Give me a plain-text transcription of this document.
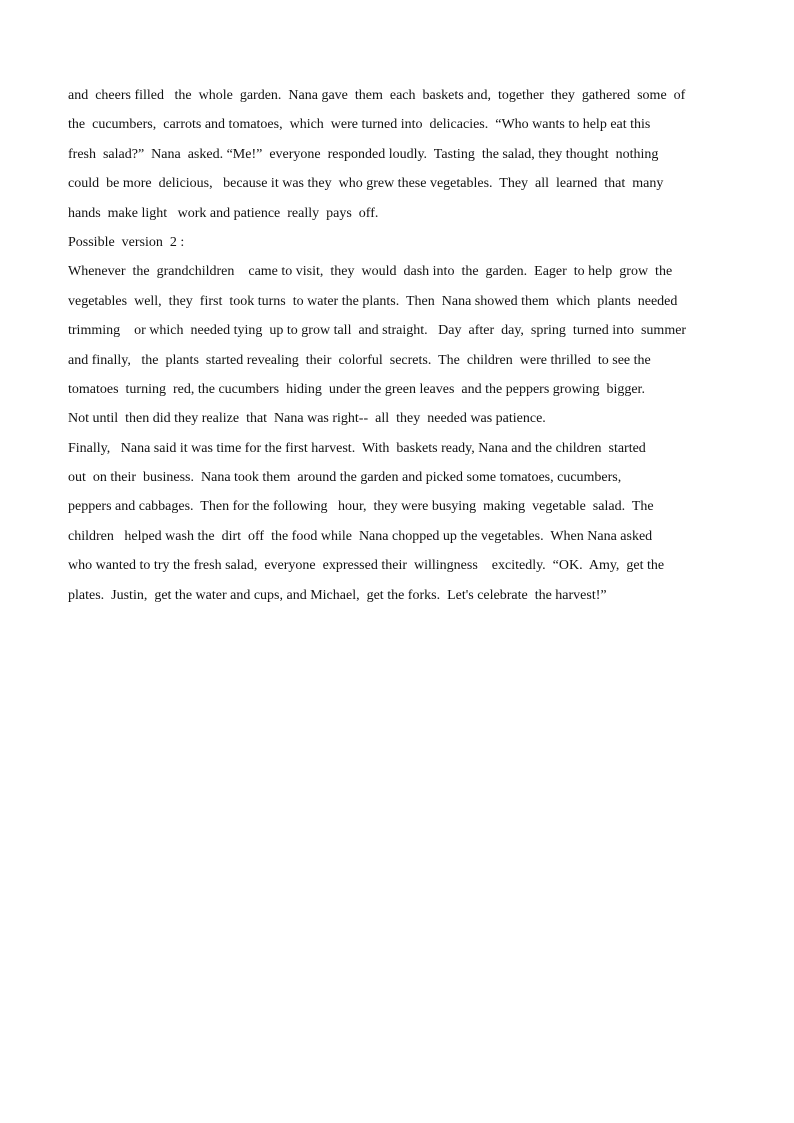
and  cheers filled   the  whole  garden.  Nana gave  them  each  baskets and,  together  they  gathered  some  of
the  cucumbers,  carrots and tomatoes,  which  were turned into  delicacies.  “Who wants to help eat this
fresh  salad?”  Nana  asked. “Me!”  everyone  responded loudly.  Tasting  the salad, they thought  nothing
could  be more  delicious,   because it was they  who grew these vegetables.  They  all  learned  that  many
hands  make light   work and patience  really  pays  off.
Possible  version  2 :
Whenever  the  grandchildren    came to visit,  they  would  dash into  the  garden.  Eager  to help  grow  the
vegetables  well,  they  first  took turns  to water the plants.  Then  Nana showed them  which  plants  needed
trimming    or which  needed tying  up to grow tall  and straight.   Day  after  day,  spring  turned into  summer
and finally,   the  plants  started revealing  their  colorful  secrets.  The  children  were thrilled  to see the
tomatoes  turning  red, the cucumbers  hiding  under the green leaves  and the peppers growing  bigger.
Not until  then did they realize  that  Nana was right--  all  they  needed was patience.
Finally,   Nana said it was time for the first harvest.  With  baskets ready, Nana and the children  started
out  on their  business.  Nana took them  around the garden and picked some tomatoes, cucumbers,
peppers and cabbages.  Then for the following   hour,  they were busying  making  vegetable  salad.  The
children   helped wash the  dirt  off  the food while  Nana chopped up the vegetables.  When Nana asked
who wanted to try the fresh salad,  everyone  expressed their  willingness    excitedly.  “OK.  Amy,  get the
plates.  Justin,  get the water and cups, and Michael,  get the forks.  Let's celebrate  the harvest!”
